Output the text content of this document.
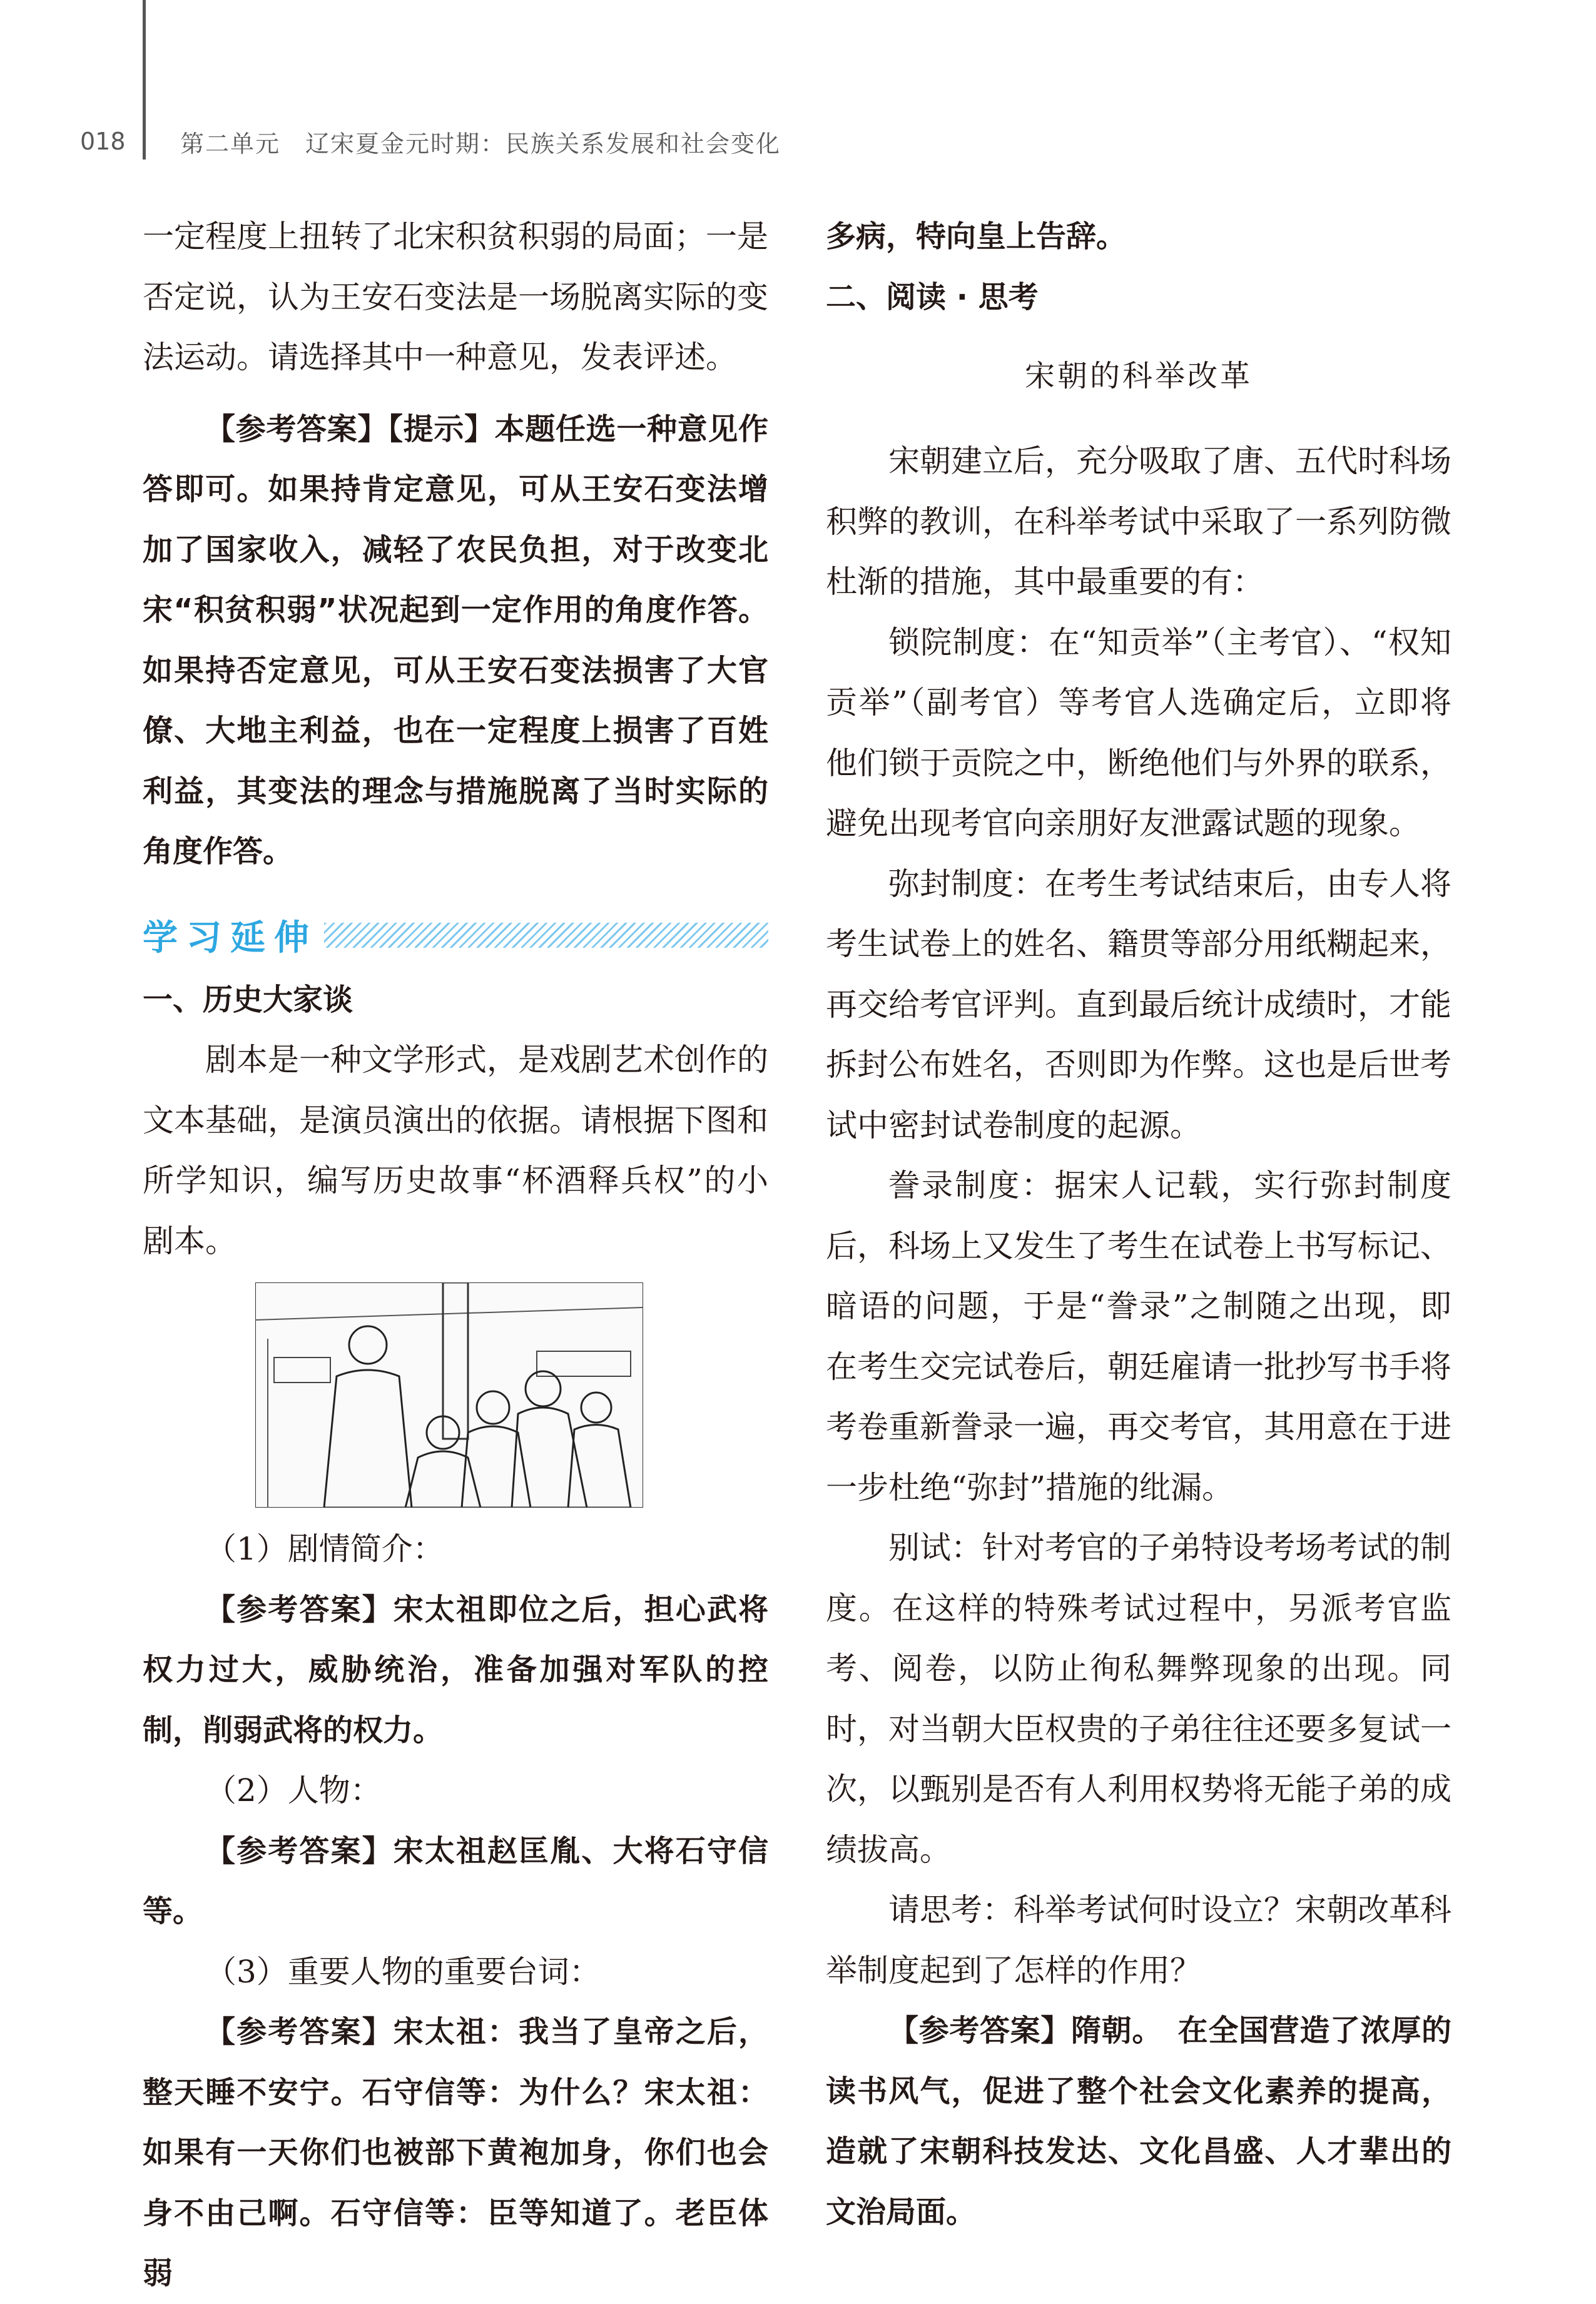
018	第二单元　辽宋夏金元时期：民族关系发展和社会变化

一定程度上扭转了北宋积贫积弱的局面；一是否定说，认为王安石变法是一场脱离实际的变法运动。请选择其中一种意见，发表评述。

【参考答案】【提示】本题任选一种意见作答即可。如果持肯定意见，可从王安石变法增加了国家收入，减轻了农民负担，对于改变北宋“积贫积弱”状况起到一定作用的角度作答。如果持否定意见，可从王安石变法损害了大官僚、大地主利益，也在一定程度上损害了百姓利益，其变法的理念与措施脱离了当时实际的角度作答。

学习延伸

一、历史大家谈

剧本是一种文学形式，是戏剧艺术创作的文本基础，是演员演出的依据。请根据下图和所学知识，编写历史故事“杯酒释兵权”的小剧本。

（1）剧情简介：

【参考答案】宋太祖即位之后，担心武将权力过大，威胁统治，准备加强对军队的控制，削弱武将的权力。

（2）人物：

【参考答案】宋太祖赵匡胤、大将石守信等。

（3）重要人物的重要台词：

【参考答案】宋太祖：我当了皇帝之后，整天睡不安宁。石守信等：为什么？宋太祖：如果有一天你们也被部下黄袍加身，你们也会身不由己啊。石守信等：臣等知道了。老臣体弱

多病，特向皇上告辞。

二、阅读 · 思考

宋朝的科举改革

宋朝建立后，充分吸取了唐、五代时科场积弊的教训，在科举考试中采取了一系列防微杜渐的措施，其中最重要的有：

锁院制度：在“知贡举”（主考官）、“权知贡举”（副考官）等考官人选确定后，立即将他们锁于贡院之中，断绝他们与外界的联系，避免出现考官向亲朋好友泄露试题的现象。

弥封制度：在考生考试结束后，由专人将考生试卷上的姓名、籍贯等部分用纸糊起来，再交给考官评判。直到最后统计成绩时，才能拆封公布姓名，否则即为作弊。这也是后世考试中密封试卷制度的起源。

誊录制度：据宋人记载，实行弥封制度后，科场上又发生了考生在试卷上书写标记、暗语的问题，于是“誊录”之制随之出现，即在考生交完试卷后，朝廷雇请一批抄写书手将考卷重新誊录一遍，再交考官，其用意在于进一步杜绝“弥封”措施的纰漏。

别试：针对考官的子弟特设考场考试的制度。在这样的特殊考试过程中，另派考官监考、阅卷，以防止徇私舞弊现象的出现。同时，对当朝大臣权贵的子弟往往还要多复试一次，以甄别是否有人利用权势将无能子弟的成绩拔高。

请思考：科举考试何时设立？宋朝改革科举制度起到了怎样的作用？

【参考答案】隋朝。　在全国营造了浓厚的读书风气，促进了整个社会文化素养的提高，造就了宋朝科技发达、文化昌盛、人才辈出的文治局面。
